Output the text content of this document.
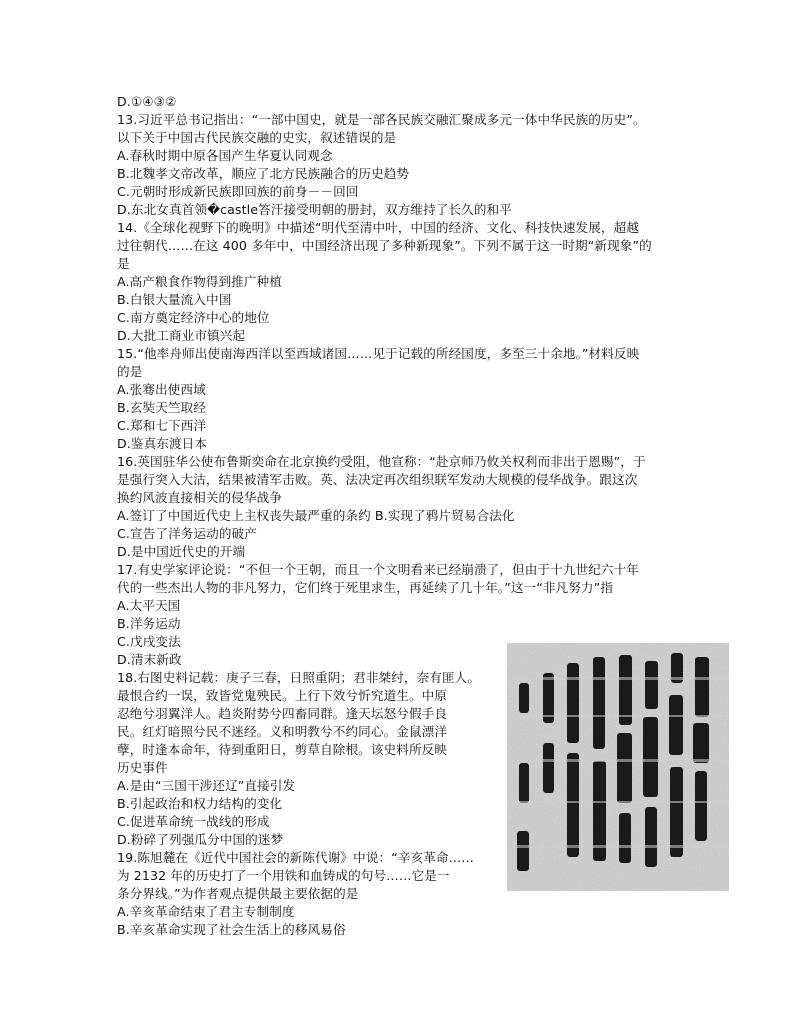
D.①④③②
13.习近平总书记指出：“一部中国史，就是一部各民族交融汇聚成多元一体中华民族的历史”。
以下关于中国古代民族交融的史实，叙述错误的是
A.春秋时期中原各国产生华夏认同观念
B.北魏孝文帝改革，顺应了北方民族融合的历史趋势
C.元朝时形成新民族即回族的前身－－回回
D.东北女真首领�castle答汗接受明朝的册封，双方维持了长久的和平
14.《全球化视野下的晚明》中描述“明代至清中叶，中国的经济、文化、科技快速发展，超越
过往朝代……在这 400 多年中，中国经济出现了多种新现象”。下列不属于这一时期“新现象”的
是
A.高产粮食作物得到推广种植
B.白银大量流入中国
C.南方奠定经济中心的地位
D.大批工商业市镇兴起
15.“他率舟师出使南海西洋以至西域诸国……见于记载的所经国度，多至三十余地。”材料反映
的是
A.张骞出使西域
B.玄奘天竺取经
C.郑和七下西洋
D.鉴真东渡日本
16.英国驻华公使布鲁斯奕命在北京换约受阻，他宣称：“赴京师乃攸关权利而非出于恩赐”，于
是强行突入大沽，结果被清军击败。英、法决定再次组织联军发动大规模的侵华战争。跟这次
换约风波直接相关的侵华战争
A.签订了中国近代史上主权丧失最严重的条约 B.实现了鸦片贸易合法化
C.宣告了洋务运动的破产
D.是中国近代史的开端
17.有史学家评论说：“不但一个王朝，而且一个文明看来已经崩溃了，但由于十九世纪六十年
代的一些杰出人物的非凡努力，它们终于死里求生，再延续了几十年。”这一“非凡努力”指
A.太平天国
B.洋务运动
C.戊戌变法
D.清末新政
18.右图史料记载：庚子三春，日照重阴；君非桀纣，奈有匪人。
最恨合约一误，致皆党鬼殃民。上行下效兮忻究道生。中原
忍绝兮羽翼洋人。趋炎附势兮四畜同群。逢天坛怒兮假手良
民。红灯暗照兮民不迷经。义和明教兮不约同心。金鼠漂洋
孽，时逢本命年，待到重阳日，剪草自除根。该史料所反映
历史事件
A.是由“三国干涉还辽”直接引发
B.引起政治和权力结构的变化
C.促进革命统一战线的形成
D.粉碎了列强瓜分中国的迷梦
19.陈旭麓在《近代中国社会的新陈代谢》中说：“辛亥革命……
为 2132 年的历史打了一个用铁和血铸成的句号……它是一
条分界线。”为作者观点提供最主要依据的是
A.辛亥革命结束了君主专制制度
B.辛亥革命实现了社会生活上的移风易俗
